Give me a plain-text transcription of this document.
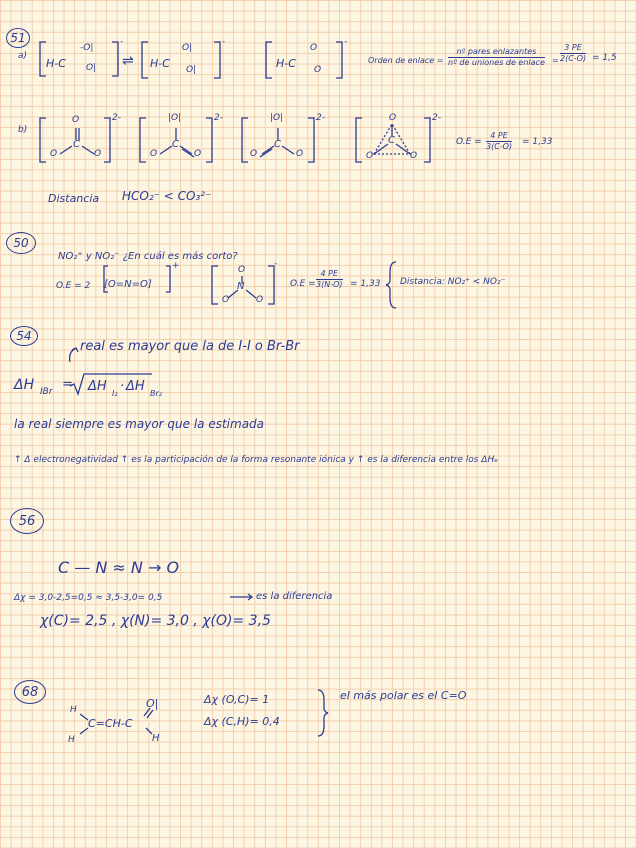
51
a)
H-C
-O|
O|
-
⇌ H-C
O|
O|
-
H-C
O
O
-
Orden de enlace =
nº pares enlazantes
nº de uniones de enlace = $\frac{3 PE}{2(C-O)} = 1,5$
b)
O
C
O	O
2-	|O|
C
O	O
2-	|O|
C
O	O
2-	O
C
O	O
2-
$O.E = \frac{4 PE}{3(C-O)} = 1,33$
Distancia HCO₂⁻ < CO₃²⁻
50
NO₂⁺ y NO₂⁻ ¿En cuál es más corto?
O.E = 2 [O=N=O]
+	O
N
O	O
-
$O.E = \frac{4 PE}{3(N-O)} = 1,33$ Distancia: NO₂⁺ < NO₂⁻
54
real es mayor que la de I-I o Br-Br
ΔH IBr = ΔH I₂ · ΔH Br₂
la real siempre es mayor que la estimada
↑ Δ electronegatividad ↑ es la participación de la forma resonante iónica y ↑ es la diferencia entre los ΔHₑ
56
C — N ≈ N → O
Δχ = 3,0-2,5=0,5 ≈ 3,5-3,0= 0,5	es la diferencia
χ(C)= 2,5 , χ(N)= 3,0 , χ(O)= 3,5
68
H
H
C=CH-C
O|
H
Δχ (O,C)= 1
Δχ (C,H)= 0,4
el más polar es el C=O
